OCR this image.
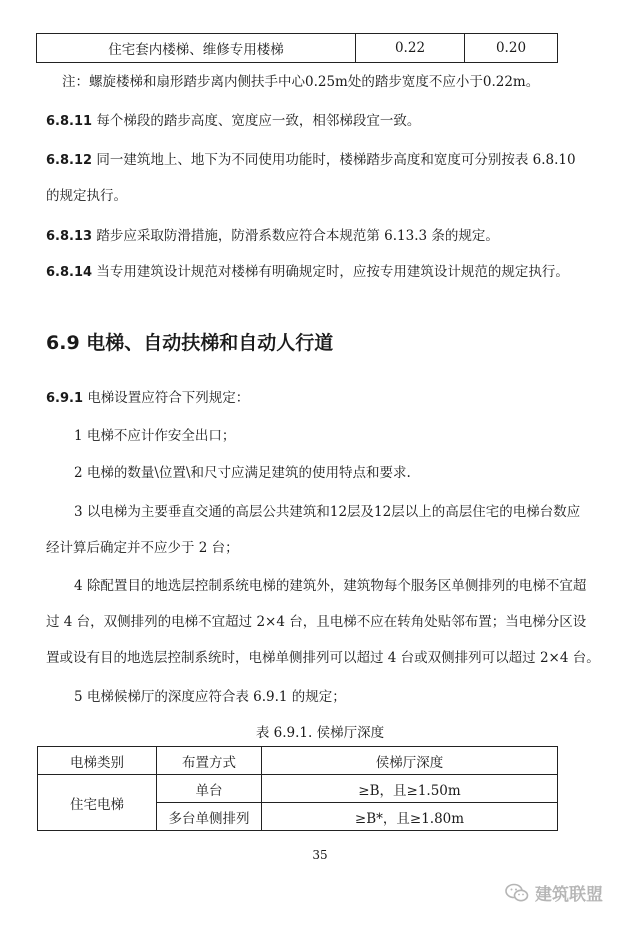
住宅套内楼梯、维修专用楼梯	0.22	0.20
注：螺旋楼梯和扇形踏步离内侧扶手中心0.25m处的踏步宽度不应小于0.22m。
6.8.11 每个梯段的踏步高度、宽度应一致，相邻梯段宜一致。
6.8.12 同一建筑地上、地下为不同使用功能时，楼梯踏步高度和宽度可分别按表 6.8.10
的规定执行。
6.8.13 踏步应采取防滑措施，防滑系数应符合本规范第 6.13.3 条的规定。
6.8.14 当专用建筑设计规范对楼梯有明确规定时，应按专用建筑设计规范的规定执行。
6.9 电梯、自动扶梯和自动人行道
6.9.1 电梯设置应符合下列规定：
1 电梯不应计作安全出口；
2 电梯的数量\位置\和尺寸应满足建筑的使用特点和要求.
3 以电梯为主要垂直交通的高层公共建筑和12层及12层以上的高层住宅的电梯台数应
经计算后确定并不应少于 2 台；
4 除配置目的地选层控制系统电梯的建筑外，建筑物每个服务区单侧排列的电梯不宜超
过 4 台，双侧排列的电梯不宜超过 2×4 台，且电梯不应在转角处贴邻布置；当电梯分区设
置或设有目的地选层控制系统时，电梯单侧排列可以超过 4 台或双侧排列可以超过 2×4 台。
5 电梯候梯厅的深度应符合表 6.9.1 的规定；
表 6.9.1. 侯梯厅深度
电梯类别	布置方式	侯梯厅深度
住宅电梯	单台	≥B，且≥1.50m
	多台单侧排列	≥B*，且≥1.80m
35
建筑联盟
